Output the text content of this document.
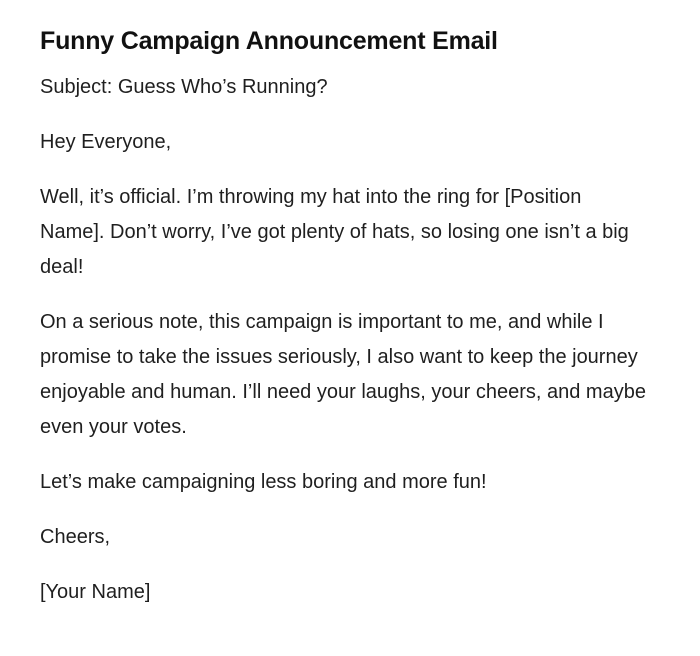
Funny Campaign Announcement Email

Subject: Guess Who’s Running?

Hey Everyone,

Well, it’s official. I’m throwing my hat into the ring for [Position Name]. Don’t worry, I’ve got plenty of hats, so losing one isn’t a big deal!

On a serious note, this campaign is important to me, and while I promise to take the issues seriously, I also want to keep the journey enjoyable and human. I’ll need your laughs, your cheers, and maybe even your votes.

Let’s make campaigning less boring and more fun!

Cheers,

[Your Name]
